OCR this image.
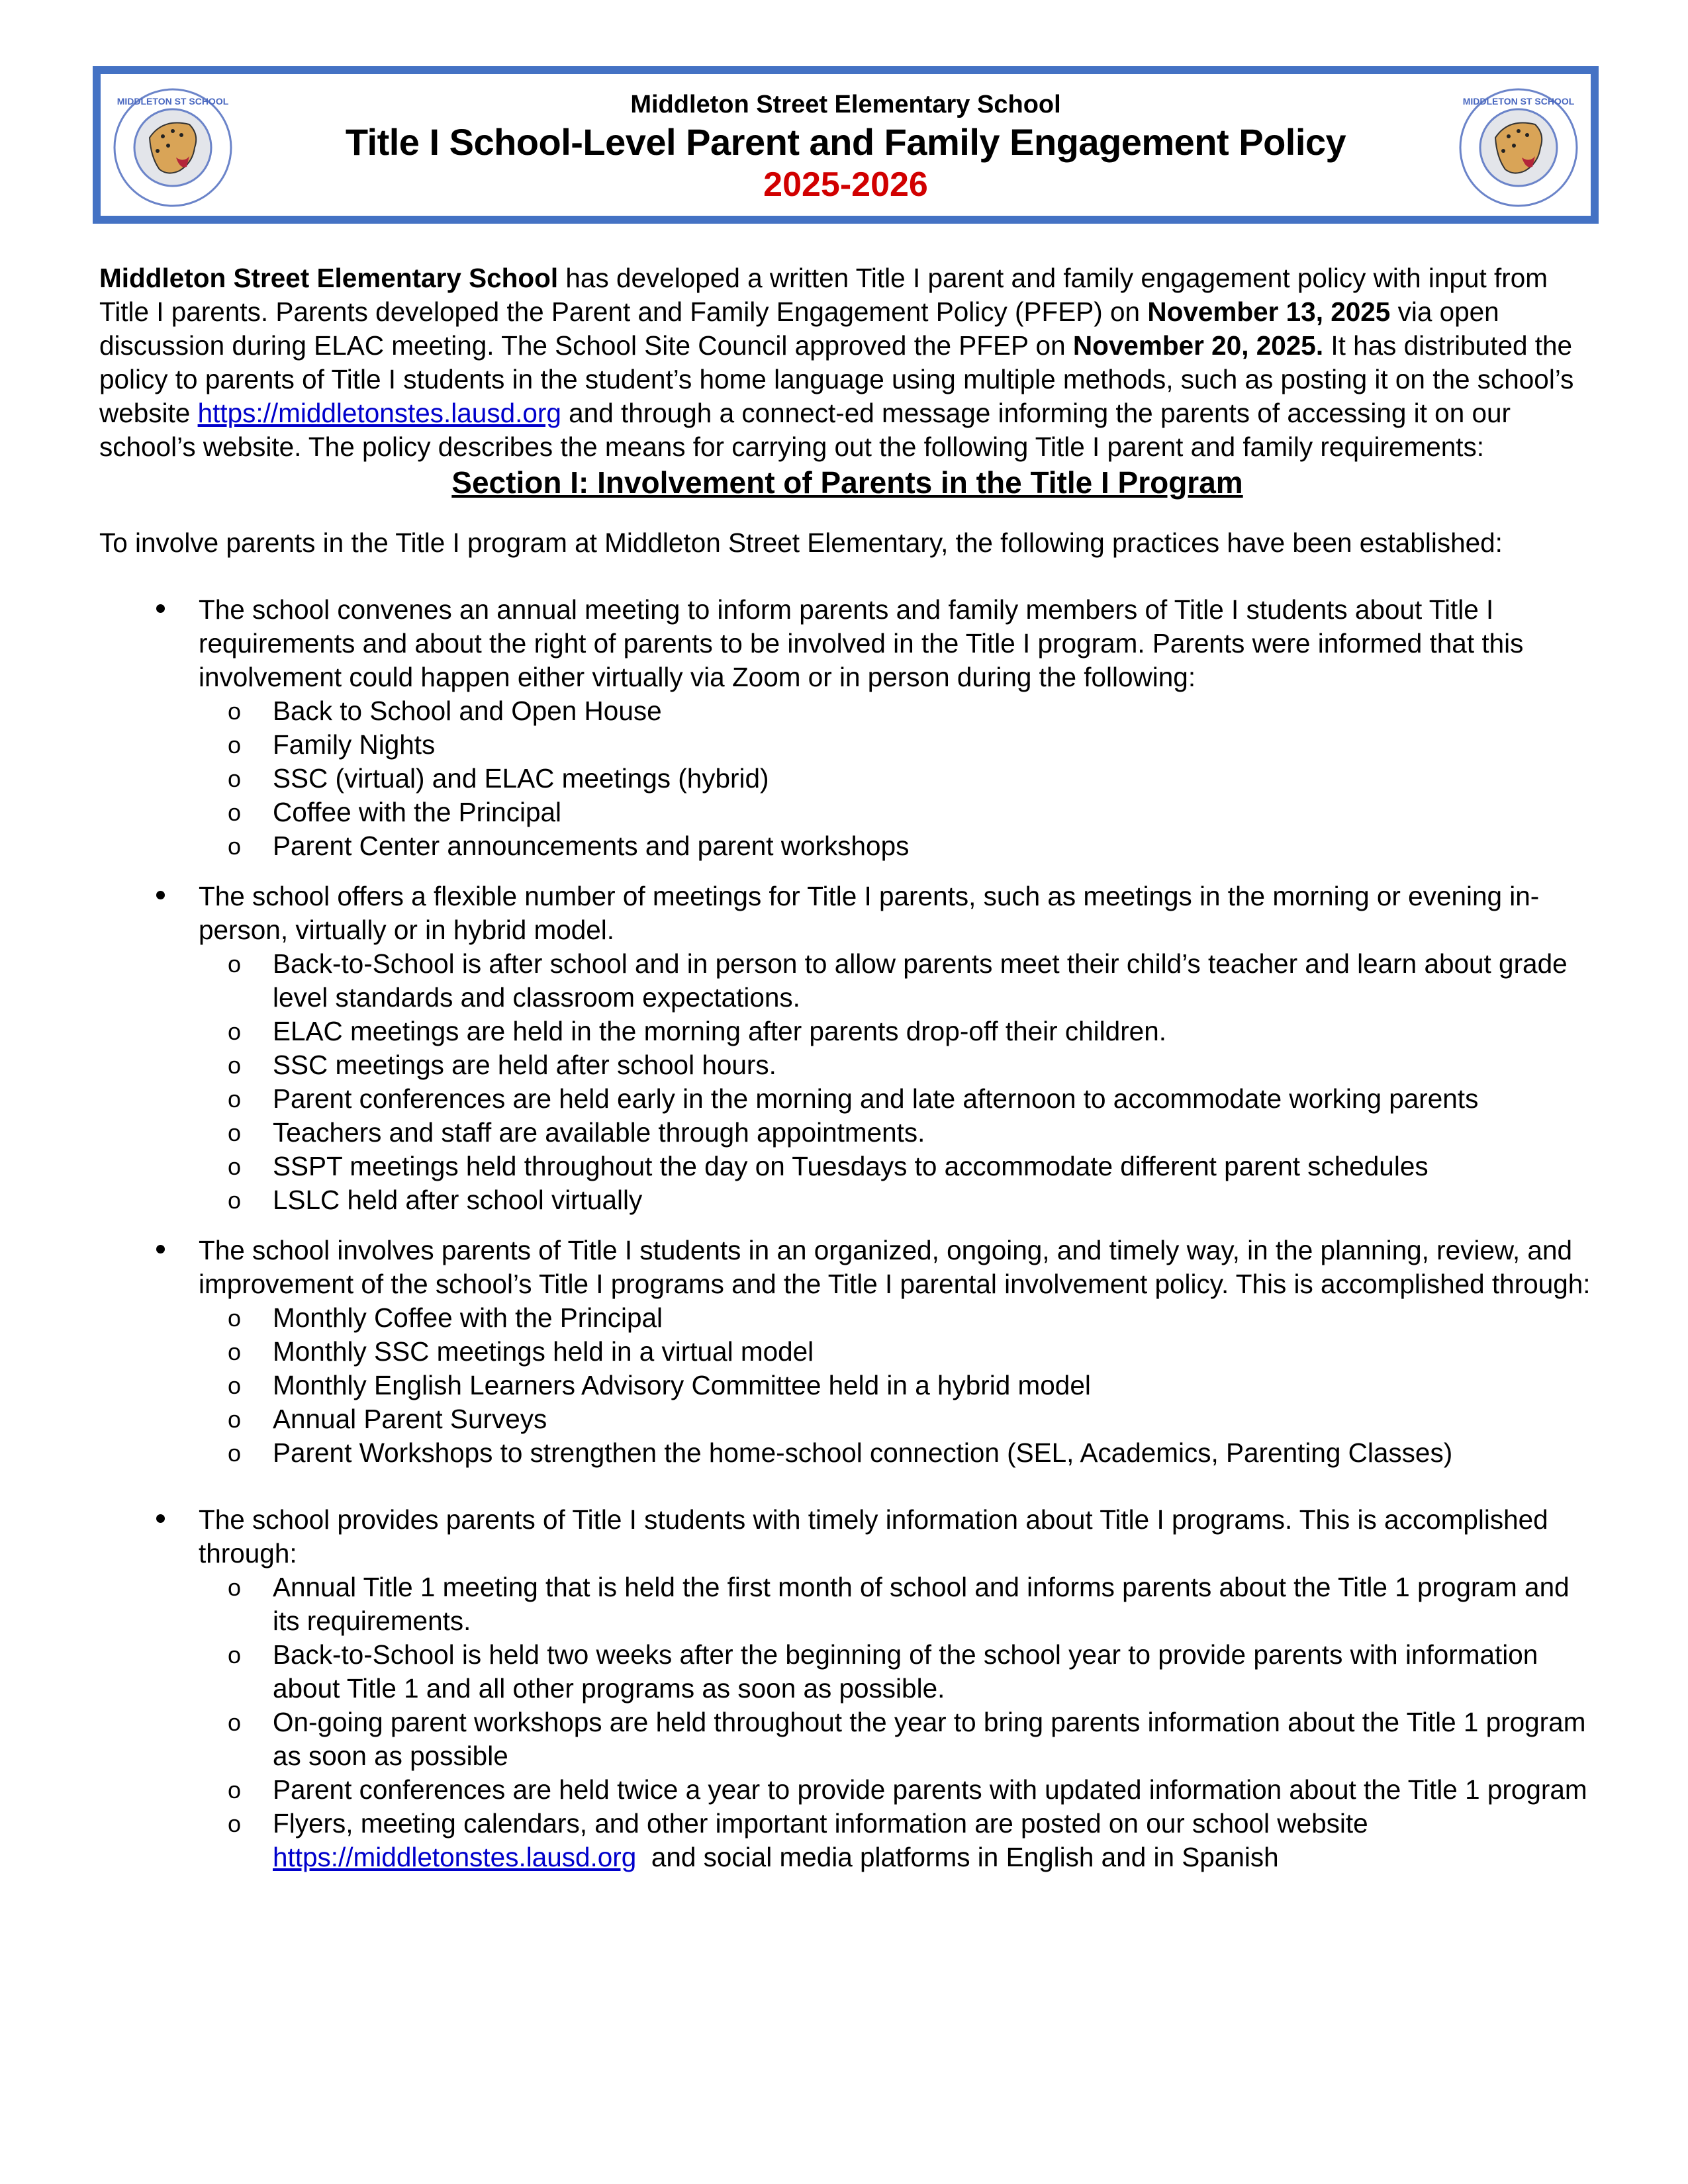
MIDDLETON ST SCHOOL	MIDDLETON ST SCHOOL
Middleton Street Elementary School
Title I School-Level Parent and Family Engagement Policy
2025-2026

Middleton Street Elementary School has developed a written Title I parent and family engagement policy with input from Title I parents. Parents developed the Parent and Family Engagement Policy (PFEP) on November 13, 2025 via open discussion during ELAC meeting. The School Site Council approved the PFEP on November 20, 2025. It has distributed the policy to parents of Title I students in the student’s home language using multiple methods, such as posting it on the school’s website https://middletonstes.lausd.org and through a connect-ed message informing the parents of accessing it on our school’s website. The policy describes the means for carrying out the following Title I parent and family requirements:

Section I: Involvement of Parents in the Title I Program

To involve parents in the Title I program at Middleton Street Elementary, the following practices have been established:

The school convenes an annual meeting to inform parents and family members of Title I students about Title I requirements and about the right of parents to be involved in the Title I program. Parents were informed that this involvement could happen either virtually via Zoom or in person during the following:
o Back to School and Open House
o Family Nights
o SSC (virtual) and ELAC meetings (hybrid)
o Coffee with the Principal
o Parent Center announcements and parent workshops
The school offers a flexible number of meetings for Title I parents, such as meetings in the morning or evening in-person, virtually or in hybrid model.
o Back-to-School is after school and in person to allow parents meet their child’s teacher and learn about grade level standards and classroom expectations.
o ELAC meetings are held in the morning after parents drop-off their children.
o SSC meetings are held after school hours.
o Parent conferences are held early in the morning and late afternoon to accommodate working parents
o Teachers and staff are available through appointments.
o SSPT meetings held throughout the day on Tuesdays to accommodate different parent schedules
o LSLC held after school virtually
The school involves parents of Title I students in an organized, ongoing, and timely way, in the planning, review, and improvement of the school’s Title I programs and the Title I parental involvement policy. This is accomplished through:
o Monthly Coffee with the Principal
o Monthly SSC meetings held in a virtual model
o Monthly English Learners Advisory Committee held in a hybrid model
o Annual Parent Surveys
o Parent Workshops to strengthen the home-school connection (SEL, Academics, Parenting Classes)
The school provides parents of Title I students with timely information about Title I programs. This is accomplished through:
o Annual Title 1 meeting that is held the first month of school and informs parents about the Title 1 program and its requirements.
o Back-to-School is held two weeks after the beginning of the school year to provide parents with information about Title 1 and all other programs as soon as possible.
o On-going parent workshops are held throughout the year to bring parents information about the Title 1 program as soon as possible
o Parent conferences are held twice a year to provide parents with updated information about the Title 1 program
o Flyers, meeting calendars, and other important information are posted on our school website
https://middletonstes.lausd.org  and social media platforms in English and in Spanish
